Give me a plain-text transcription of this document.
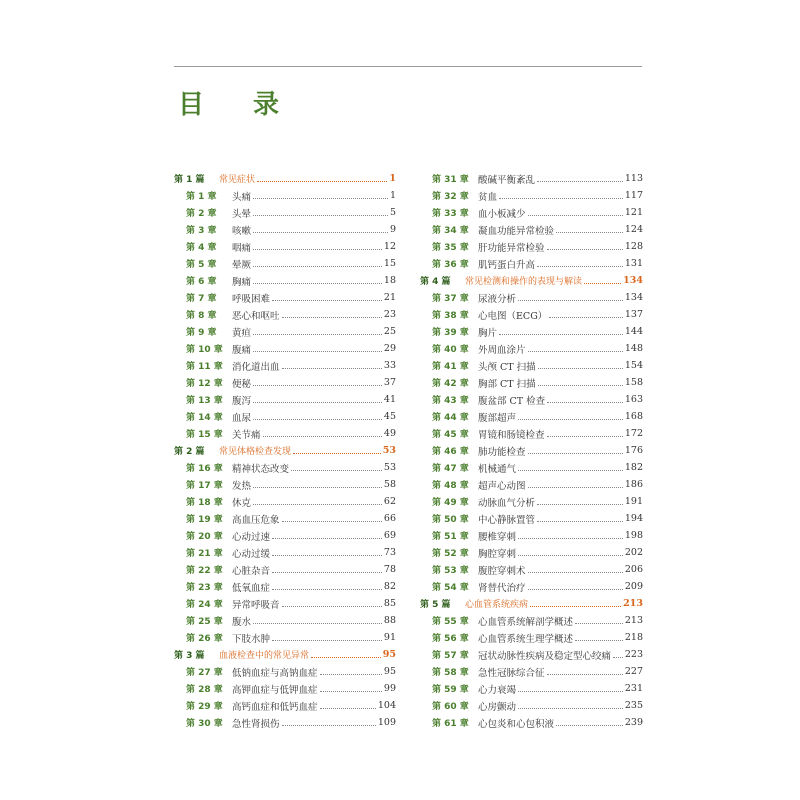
目 录
第 1 篇	常见症状	1
第 1 章	头痛	1
第 2 章	头晕	5
第 3 章	咳嗽	9
第 4 章	咽痛	12
第 5 章	晕厥	15
第 6 章	胸痛	18
第 7 章	呼吸困难	21
第 8 章	恶心和呕吐	23
第 9 章	黄疸	25
第 10 章 腹痛	29
第 11 章 消化道出血	33
第 12 章 便秘	37
第 13 章 腹泻	41
第 14 章 血尿	45
第 15 章 关节痛	49
第 2 篇	常见体格检查发现	53
第 16 章 精神状态改变	53
第 17 章 发热	58
第 18 章 休克	62
第 19 章 高血压危象	66
第 20 章 心动过速	69
第 21 章 心动过缓	73
第 22 章 心脏杂音	78
第 23 章 低氧血症	82
第 24 章 异常呼吸音	85
第 25 章 腹水	88
第 26 章 下肢水肿	91
第 3 篇	血液检查中的常见异常	95
第 27 章 低钠血症与高钠血症	95
第 28 章 高钾血症与低钾血症	99
第 29 章 高钙血症和低钙血症	104
第 30 章 急性肾损伤	109
第 31 章 酸碱平衡紊乱	113
第 32 章 贫血	117
第 33 章 血小板减少	121
第 34 章 凝血功能异常检验	124
第 35 章 肝功能异常检验	128
第 36 章 肌钙蛋白升高	131
第 4 篇	常见检测和操作的表现与解读	134
第 37 章 尿液分析	134
第 38 章 心电图（ECG）	137
第 39 章 胸片	144
第 40 章 外周血涂片	148
第 41 章 头颅 CT 扫描	154
第 42 章 胸部 CT 扫描	158
第 43 章 腹盆部 CT 检查	163
第 44 章 腹部超声	168
第 45 章 胃镜和肠镜检查	172
第 46 章 肺功能检查	176
第 47 章 机械通气	182
第 48 章 超声心动图	186
第 49 章 动脉血气分析	191
第 50 章 中心静脉置管	194
第 51 章 腰椎穿刺	198
第 52 章 胸腔穿刺	202
第 53 章 腹腔穿刺术	206
第 54 章 肾替代治疗	209
第 5 篇	心血管系统疾病	213
第 55 章 心血管系统解剖学概述	213
第 56 章 心血管系统生理学概述	218
第 57 章 冠状动脉性疾病及稳定型心绞痛 223
第 58 章 急性冠脉综合征	227
第 59 章 心力衰竭	231
第 60 章 心房颤动	235
第 61 章 心包炎和心包积液	239
